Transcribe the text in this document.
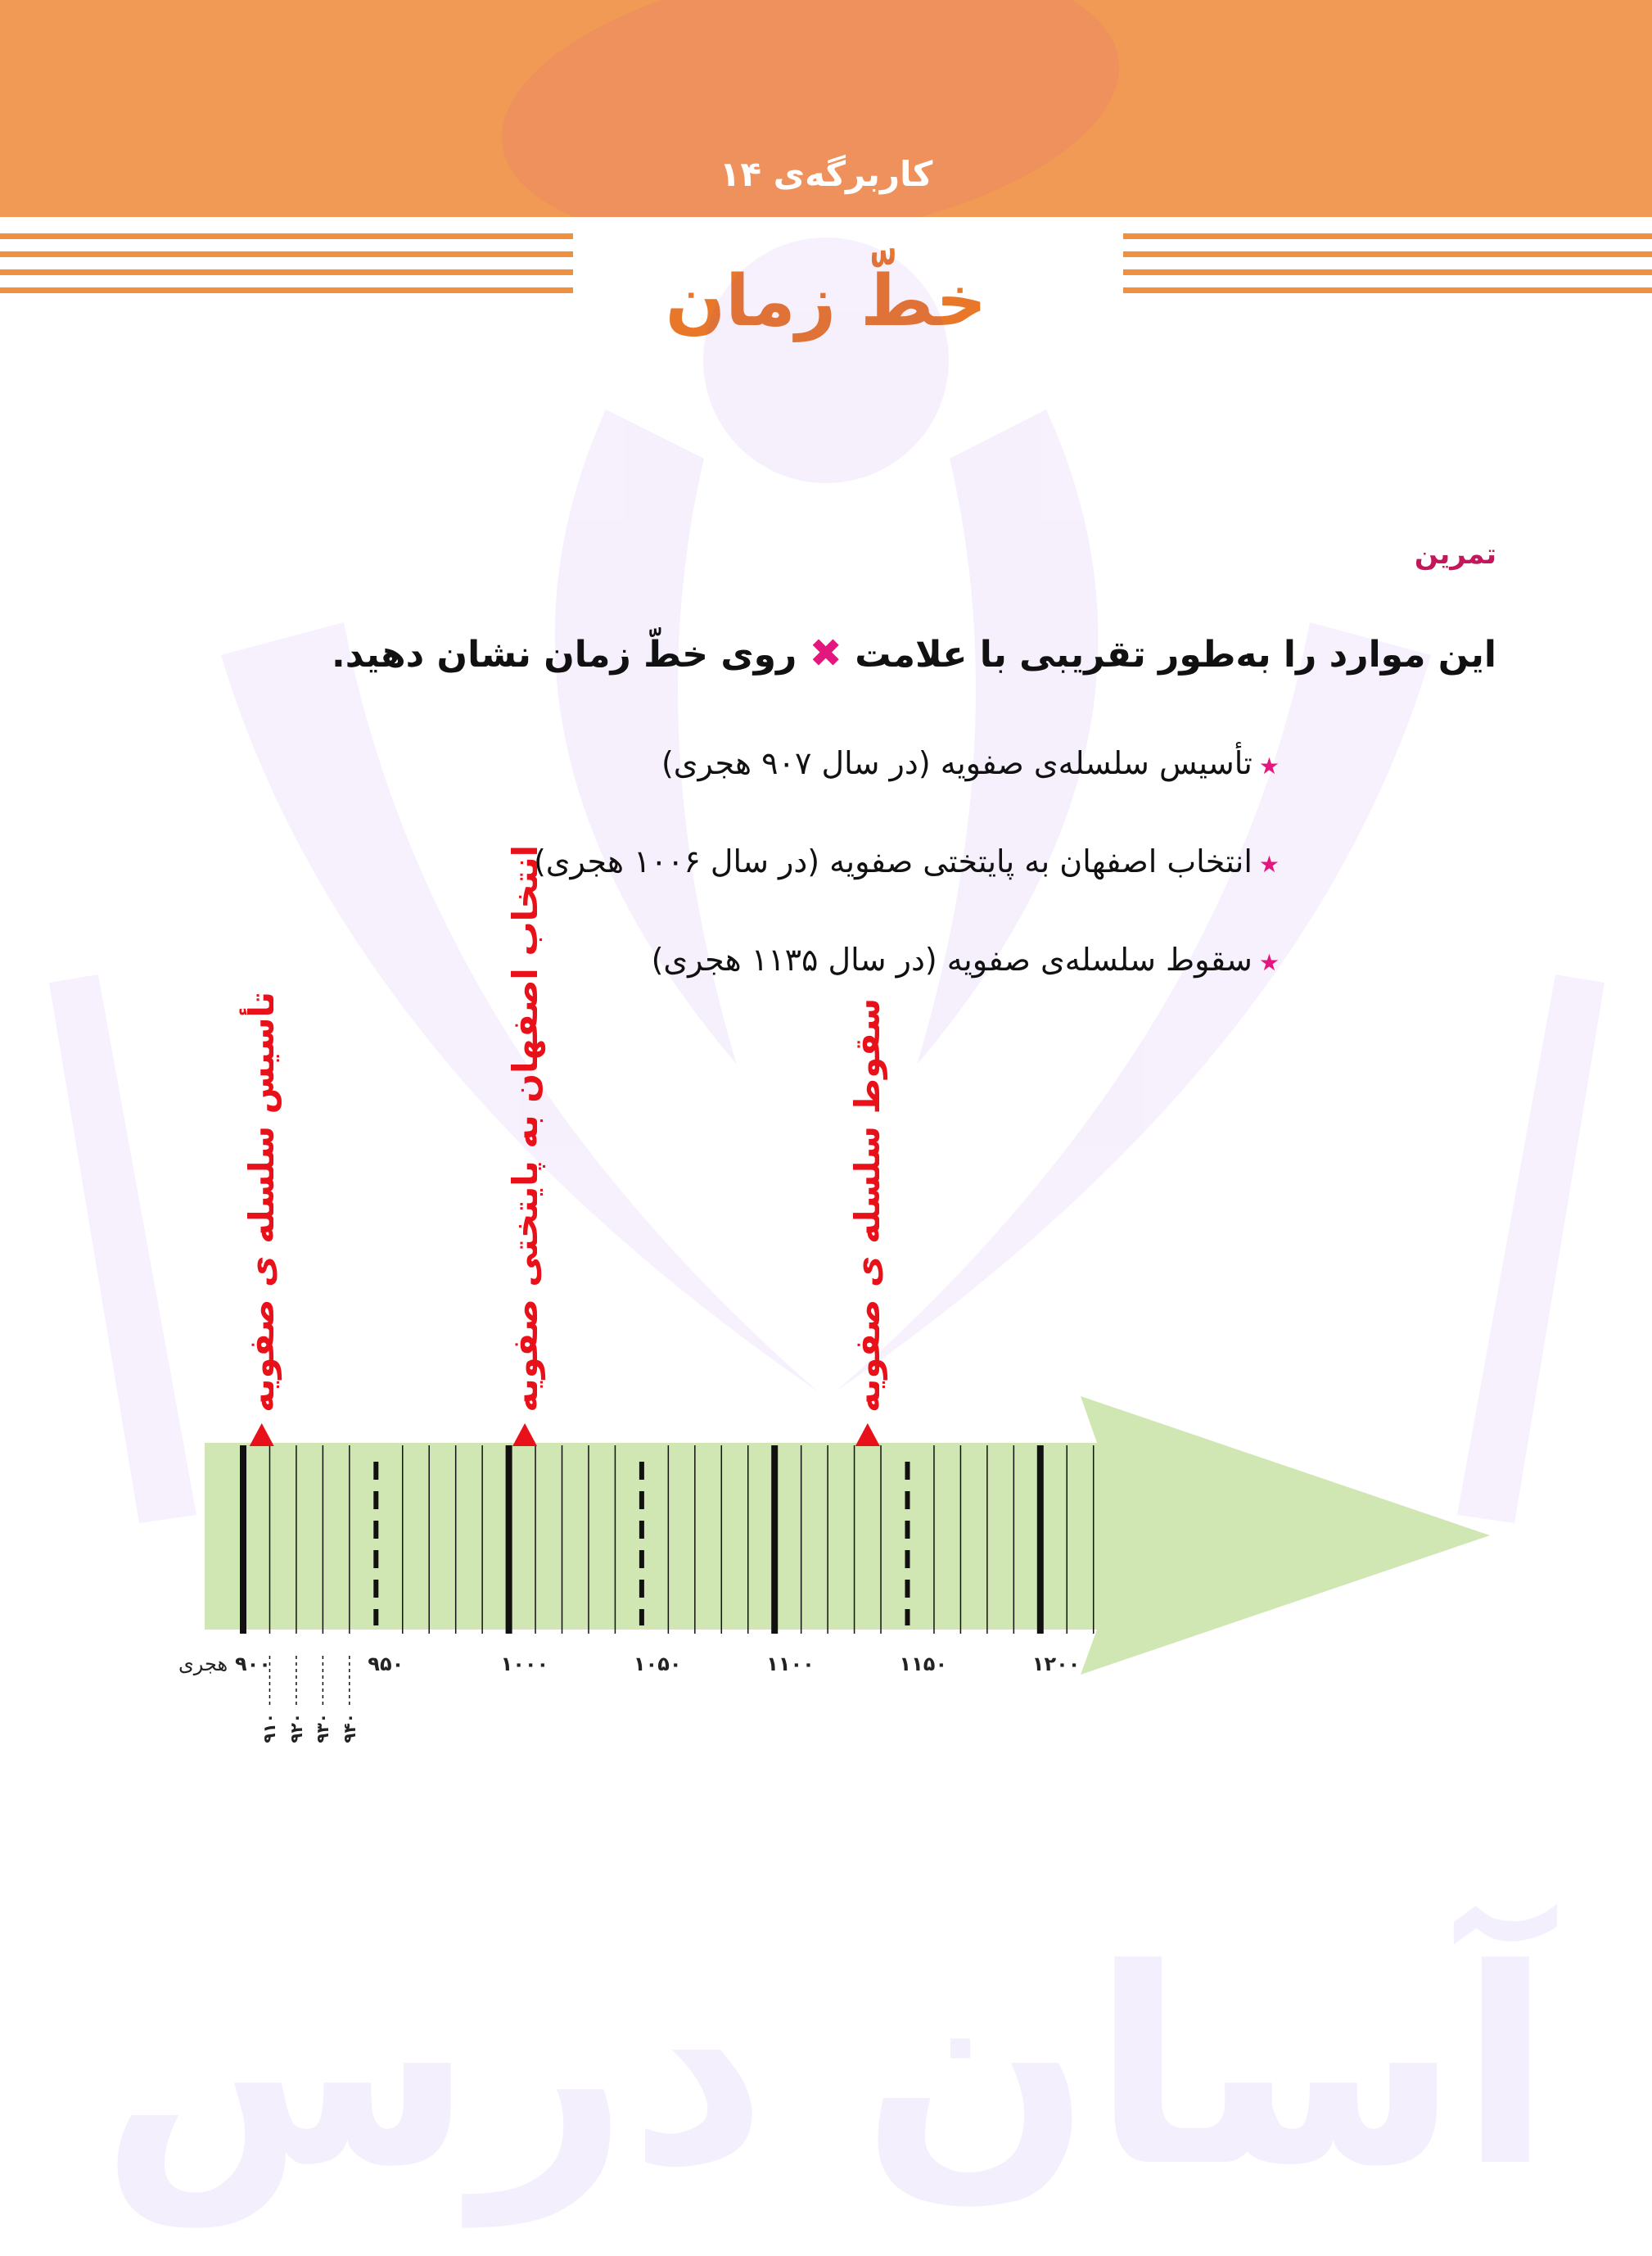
کاربرگه‌ی ۱۴
خطّ زمان
آسان درس
تمرین
این موارد را به‌طور تقریبی با علامت ✖ روی خطّ زمان نشان دهید.
★تأسیس سلسله‌ی صفویه (در سال ۹۰۷ هجری)
★انتخاب اصفهان به پایتختی صفویه (در سال ۱۰۰۶ هجری)
★سقوط سلسله‌ی صفویه (در سال ۱۱۳۵ هجری)
۹۰۰	۹۵۰	۱۰۰۰	۱۰۵۰	۱۱۰۰	۱۱۵۰	۱۲۰۰
هجری
۹۱۰ ۹۲۰ ۹۳۰ ۹۴۰
تأسیس سلسله ی صفویه	انتخاب اصفهان به پایتختی صفویه	سقوط سلسله ی صفویه
